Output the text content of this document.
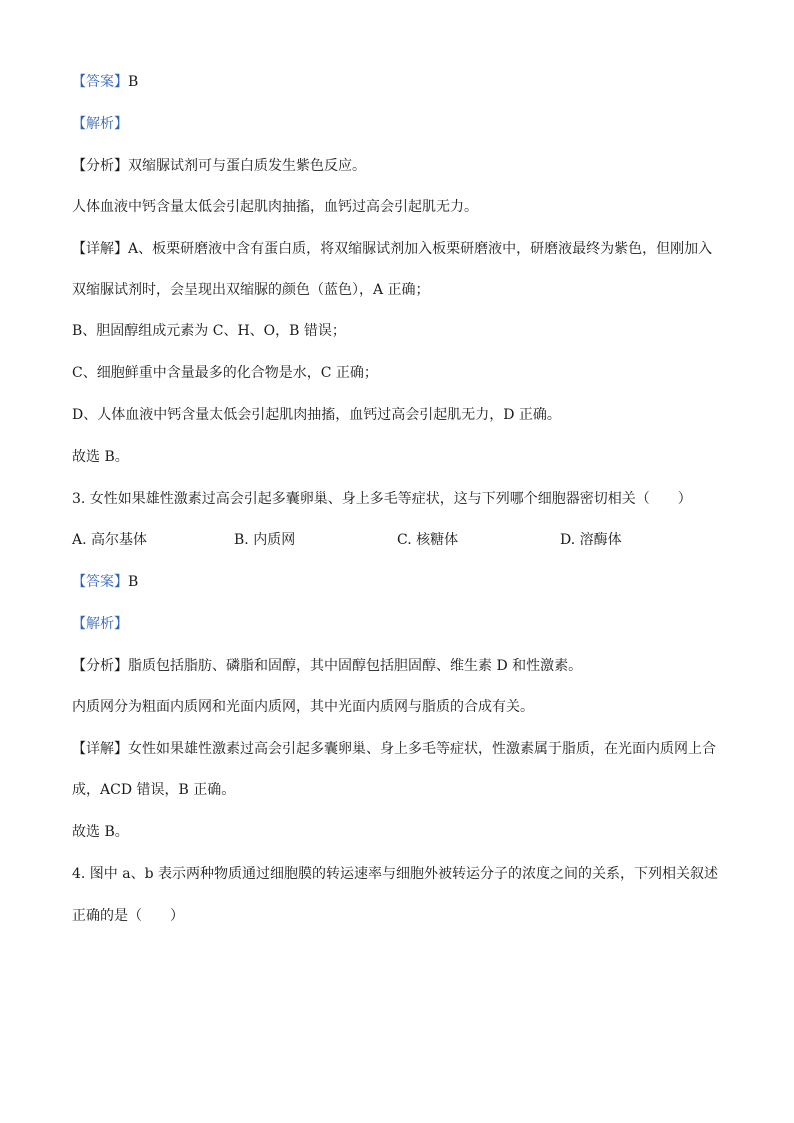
【答案】B
【解析】
【分析】双缩脲试剂可与蛋白质发生紫色反应。
人体血液中钙含量太低会引起肌肉抽搐，血钙过高会引起肌无力。
【详解】A、板栗研磨液中含有蛋白质，将双缩脲试剂加入板栗研磨液中，研磨液最终为紫色，但刚加入
双缩脲试剂时，会呈现出双缩脲的颜色（蓝色），A 正确；
B、胆固醇组成元素为 C、H、O，B 错误；
C、细胞鲜重中含量最多的化合物是水，C 正确；
D、人体血液中钙含量太低会引起肌肉抽搐，血钙过高会引起肌无力，D 正确。
故选 B。
3. 女性如果雄性激素过高会引起多囊卵巢、身上多毛等症状，这与下列哪个细胞器密切相关（　　）
A. 高尔基体	B. 内质网	C. 核糖体	D. 溶酶体
【答案】B
【解析】
【分析】脂质包括脂肪、磷脂和固醇，其中固醇包括胆固醇、维生素 D 和性激素。
内质网分为粗面内质网和光面内质网，其中光面内质网与脂质的合成有关。
【详解】女性如果雄性激素过高会引起多囊卵巢、身上多毛等症状，性激素属于脂质，在光面内质网上合
成，ACD 错误，B 正确。
故选 B。
4. 图中 a、b 表示两种物质通过细胞膜的转运速率与细胞外被转运分子的浓度之间的关系，下列相关叙述
正确的是（　　）
